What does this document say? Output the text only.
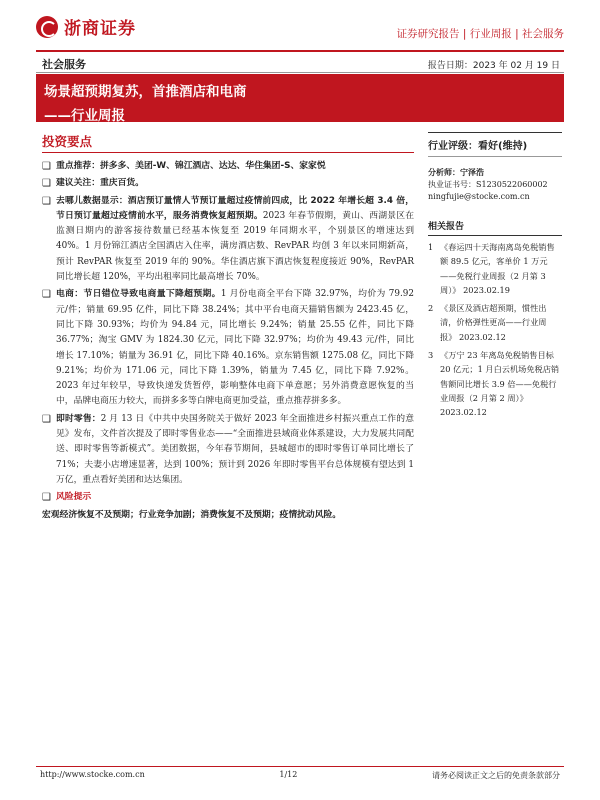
浙商证券	证券研究报告 | 行业周报 | 社会服务
社会服务	报告日期：2023 年 02 月 19 日
场景超预期复苏，首推酒店和电商
——行业周报
投资要点
❑ 重点推荐：拼多多、美团-W、锦江酒店、达达、华住集团-S、家家悦
❑ 建议关注：重庆百货。
❑ 去哪儿数据显示：酒店预订量情人节预订量超过疫情前四成，比 2022 年增长超 3.4 倍，节日预订量超过疫情前水平，服务消费恢复超预期。2023 年春节假期，黄山、西湖景区在监测日期内的游客接待数量已经基本恢复至 2019 年同期水平，个别景区的增速达到 40%。1 月份锦江酒店全国酒店入住率，满房酒店数、RevPAR 均创 3 年以来同期新高，预计 RevPAR 恢复至 2019 年的 90%。华住酒店旗下酒店恢复程度接近 90%，RevPAR 同比增长超 120%，平均出租率同比最高增长 70%。
❑ 电商：节日错位导致电商量下降超预期。1 月份电商全平台下降 32.97%，均价为 79.92 元/件；销量 69.95 亿件，同比下降 38.24%；其中平台电商天猫销售额为 2423.45 亿，同比下降 30.93%；均价为 94.84 元，同比增长 9.24%；销量 25.55 亿件，同比下降 36.77%；淘宝 GMV 为 1824.30 亿元，同比下降 32.97%；均价为 49.43 元/件，同比增长 17.10%；销量为 36.91 亿，同比下降 40.16%。京东销售额 1275.08 亿，同比下降 9.21%；均价为 171.06 元，同比下降 1.39%，销量为 7.45 亿，同比下降 7.92%。2023 年过年较早，导致快递发货暂停，影响整体电商下单意愿；另外消费意愿恢复的当中，品牌电商压力较大，而拼多多等白牌电商更加受益，重点推荐拼多多。
❑ 即时零售：2 月 13 日《中共中央国务院关于做好 2023 年全面推进乡村振兴重点工作的意见》发布，文件首次提及了即时零售业态——“全面推进县域商业体系建设，大力发展共同配送、即时零售等新模式”。美团数据，今年春节期间，县城超市的即时零售订单同比增长了 71%；夫妻小店增速显著，达到 100%；预计到 2026 年即时零售平台总体规模有望达到 1 万亿，重点看好美团和达达集团。
❑ 风险提示
宏观经济恢复不及预期；行业竞争加剧；消费恢复不及预期；疫情扰动风险。
行业评级：看好(维持)
分析师：宁泽浩
执业证书号：S1230522060002
ningfujie@stocke.com.cn
相关报告
1 《春运四十天海南离岛免税销售额 89.5 亿元，客单价 1 万元——免税行业周报（2 月第 3 周）》 2023.02.19
2 《景区及酒店超预期，惯性出清，价格弹性更高——行业周报》 2023.02.12
3 《万宁 23 年离岛免税销售目标 20 亿元；1 月白云机场免税店销售额同比增长 3.9 倍——免税行业周报（2 月第 2 周）》 2023.02.12
http://www.stocke.com.cn	1/12	请务必阅读正文之后的免责条款部分
